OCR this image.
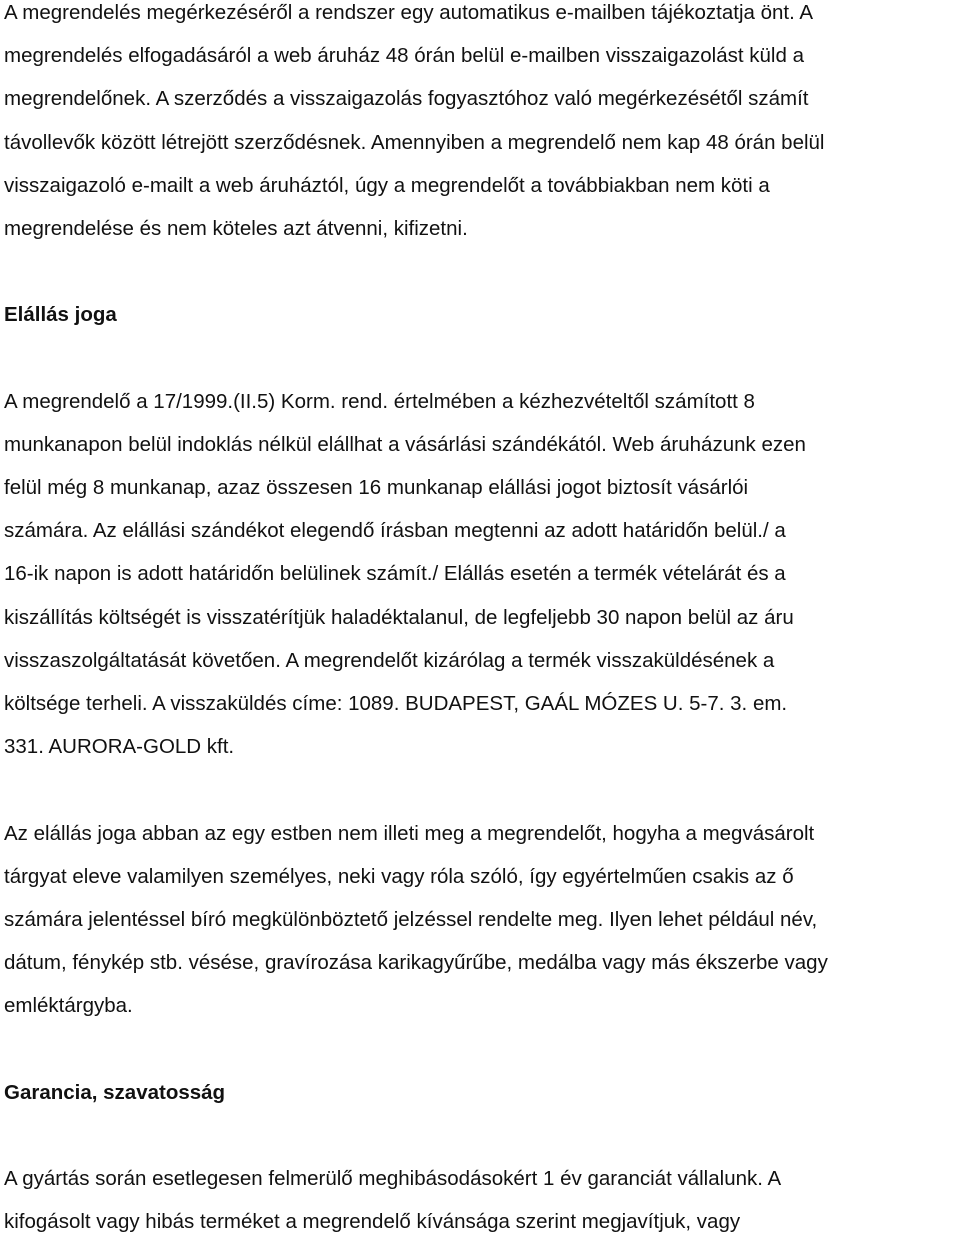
A megrendelés megérkezéséről a rendszer egy automatikus e-mailben tájékoztatja önt. A
megrendelés elfogadásáról a web áruház 48 órán belül e-mailben visszaigazolást küld a
megrendelőnek. A szerződés a visszaigazolás fogyasztóhoz való megérkezésétől számít
távollevők között létrejött szerződésnek. Amennyiben a megrendelő nem kap 48 órán belül
visszaigazoló e-mailt a web áruháztól, úgy a megrendelőt a továbbiakban nem köti a
megrendelése és nem köteles azt átvenni, kifizetni.
Elállás joga
A megrendelő a 17/1999.(II.5) Korm. rend. értelmében a kézhezvételtől számított 8
munkanapon belül indoklás nélkül elállhat a vásárlási szándékától. Web áruházunk ezen
felül még 8 munkanap, azaz összesen 16 munkanap elállási jogot biztosít vásárlói
számára. Az elállási szándékot elegendő írásban megtenni az adott határidőn belül./ a
16-ik napon is adott határidőn belülinek számít./ Elállás esetén a termék vételárát és a
kiszállítás költségét is visszatérítjük haladéktalanul, de legfeljebb 30 napon belül az áru
visszaszolgáltatását követően. A megrendelőt kizárólag a termék visszaküldésének a
költsége terheli. A visszaküldés címe: 1089. BUDAPEST, GAÁL MÓZES U. 5-7. 3. em.
331. AURORA-GOLD kft.
Az elállás joga abban az egy estben nem illeti meg a megrendelőt, hogyha a megvásárolt
tárgyat eleve valamilyen személyes, neki vagy róla szóló, így egyértelműen csakis az ő
számára jelentéssel bíró megkülönböztető jelzéssel rendelte meg. Ilyen lehet például név,
dátum, fénykép stb. vésése, gravírozása karikagyűrűbe, medálba vagy más ékszerbe vagy
emléktárgyba.
Garancia, szavatosság
A gyártás során esetlegesen felmerülő meghibásodásokért 1 év garanciát vállalunk. A
kifogásolt vagy hibás terméket a megrendelő kívánsága szerint megjavítjuk, vagy
